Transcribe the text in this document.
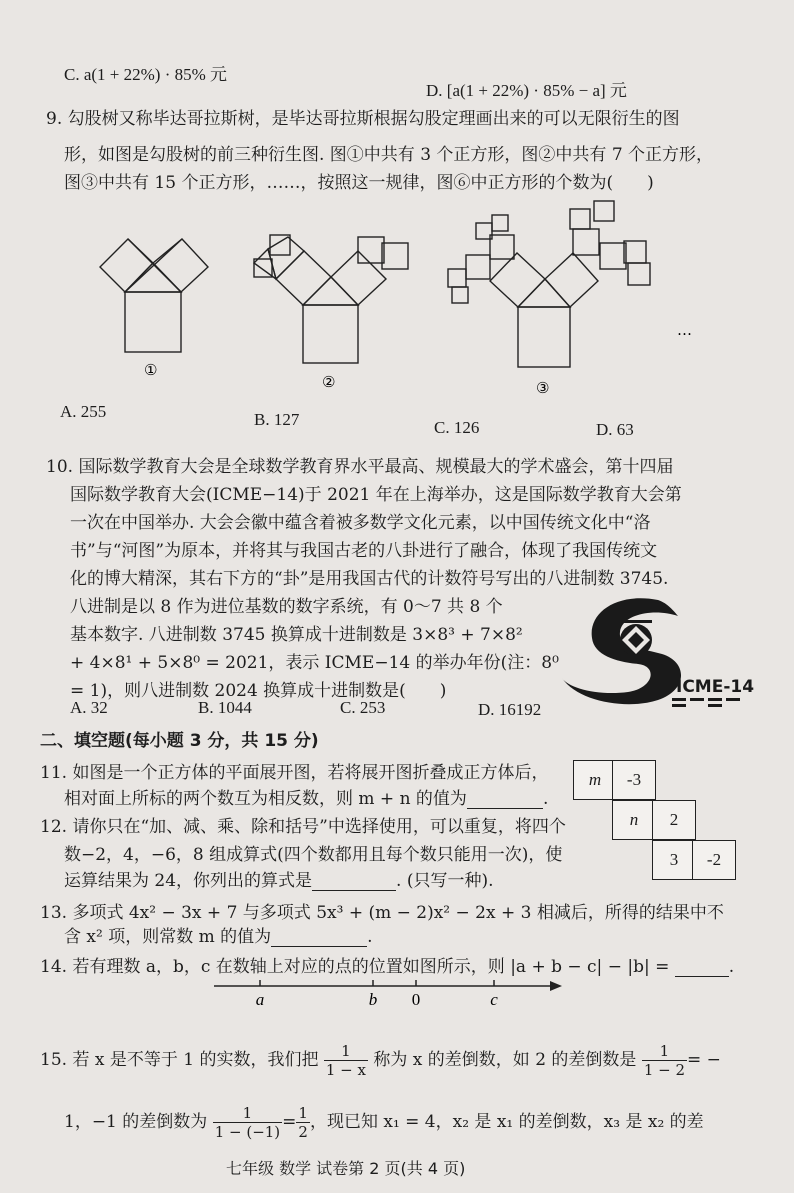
C. a(1 + 22%) · 85% 元
D. [a(1 + 22%) · 85% − a] 元
9. 勾股树又称毕达哥拉斯树，是毕达哥拉斯根据勾股定理画出来的可以无限衍生的图
形，如图是勾股树的前三种衍生图. 图①中共有 3 个正方形，图②中共有 7 个正方形，
图③中共有 15 个正方形，……，按照这一规律，图⑥中正方形的个数为(　　)
①
②	③
…
A. 255	B. 127	C. 126	D. 63
10. 国际数学教育大会是全球数学教育界水平最高、规模最大的学术盛会，第十四届
国际数学教育大会(ICME−14)于 2021 年在上海举办，这是国际数学教育大会第
一次在中国举办. 大会会徽中蕴含着被多数学文化元素，以中国传统文化中“洛
书”与“河图”为原本，并将其与我国古老的八卦进行了融合，体现了我国传统文
化的博大精深，其右下方的“卦”是用我国古代的计数符号写出的八进制数 3745.
八进制是以 8 作为进位基数的数字系统，有 0～7 共 8 个
基本数字. 八进制数 3745 换算成十进制数是 3×8³ + 7×8²
+ 4×8¹ + 5×8⁰ = 2021，表示 ICME−14 的举办年份(注：8⁰
= 1)，则八进制数 2024 换算成十进制数是(　　)	ICME-14
A. 32	B. 1044	C. 253	D. 16192
二、填空题(每小题 3 分，共 15 分)
11. 如图是一个正方体的平面展开图，若将展开图折叠成正方体后，
相对面上所标的两个数互为相反数，则 m + n 的值为	.
m	-3
n	2
3	-2
12. 请你只在“加、减、乘、除和括号”中选择使用，可以重复，将四个
数−2，4，−6，8 组成算式(四个数都用且每个数只能用一次)，使
运算结果为 24，你列出的算式是	. (只写一种).
13. 多项式 4x² − 3x + 7 与多项式 5x³ + (m − 2)x² − 2x + 3 相减后，所得的结果中不
含 x² 项，则常数 m 的值为	.
14. 若有理数 a，b，c 在数轴上对应的点的位置如图所示，则 |a + b − c| − |b| =	.
a	b 0	c
15. 若 x 是不等于 1 的实数，我们把 $\frac{1}{1 - x}$ 称为 x 的差倒数，如 2 的差倒数是 $\frac{1}{1 - 2}$ = −
1，−1 的差倒数为 $\frac{1}{1 - (-1)} = \frac{1}{2}$ ，现已知 x₁ = 4，x₂ 是 x₁ 的差倒数，x₃ 是 x₂ 的差
七年级 数学 试卷第 2 页(共 4 页)
